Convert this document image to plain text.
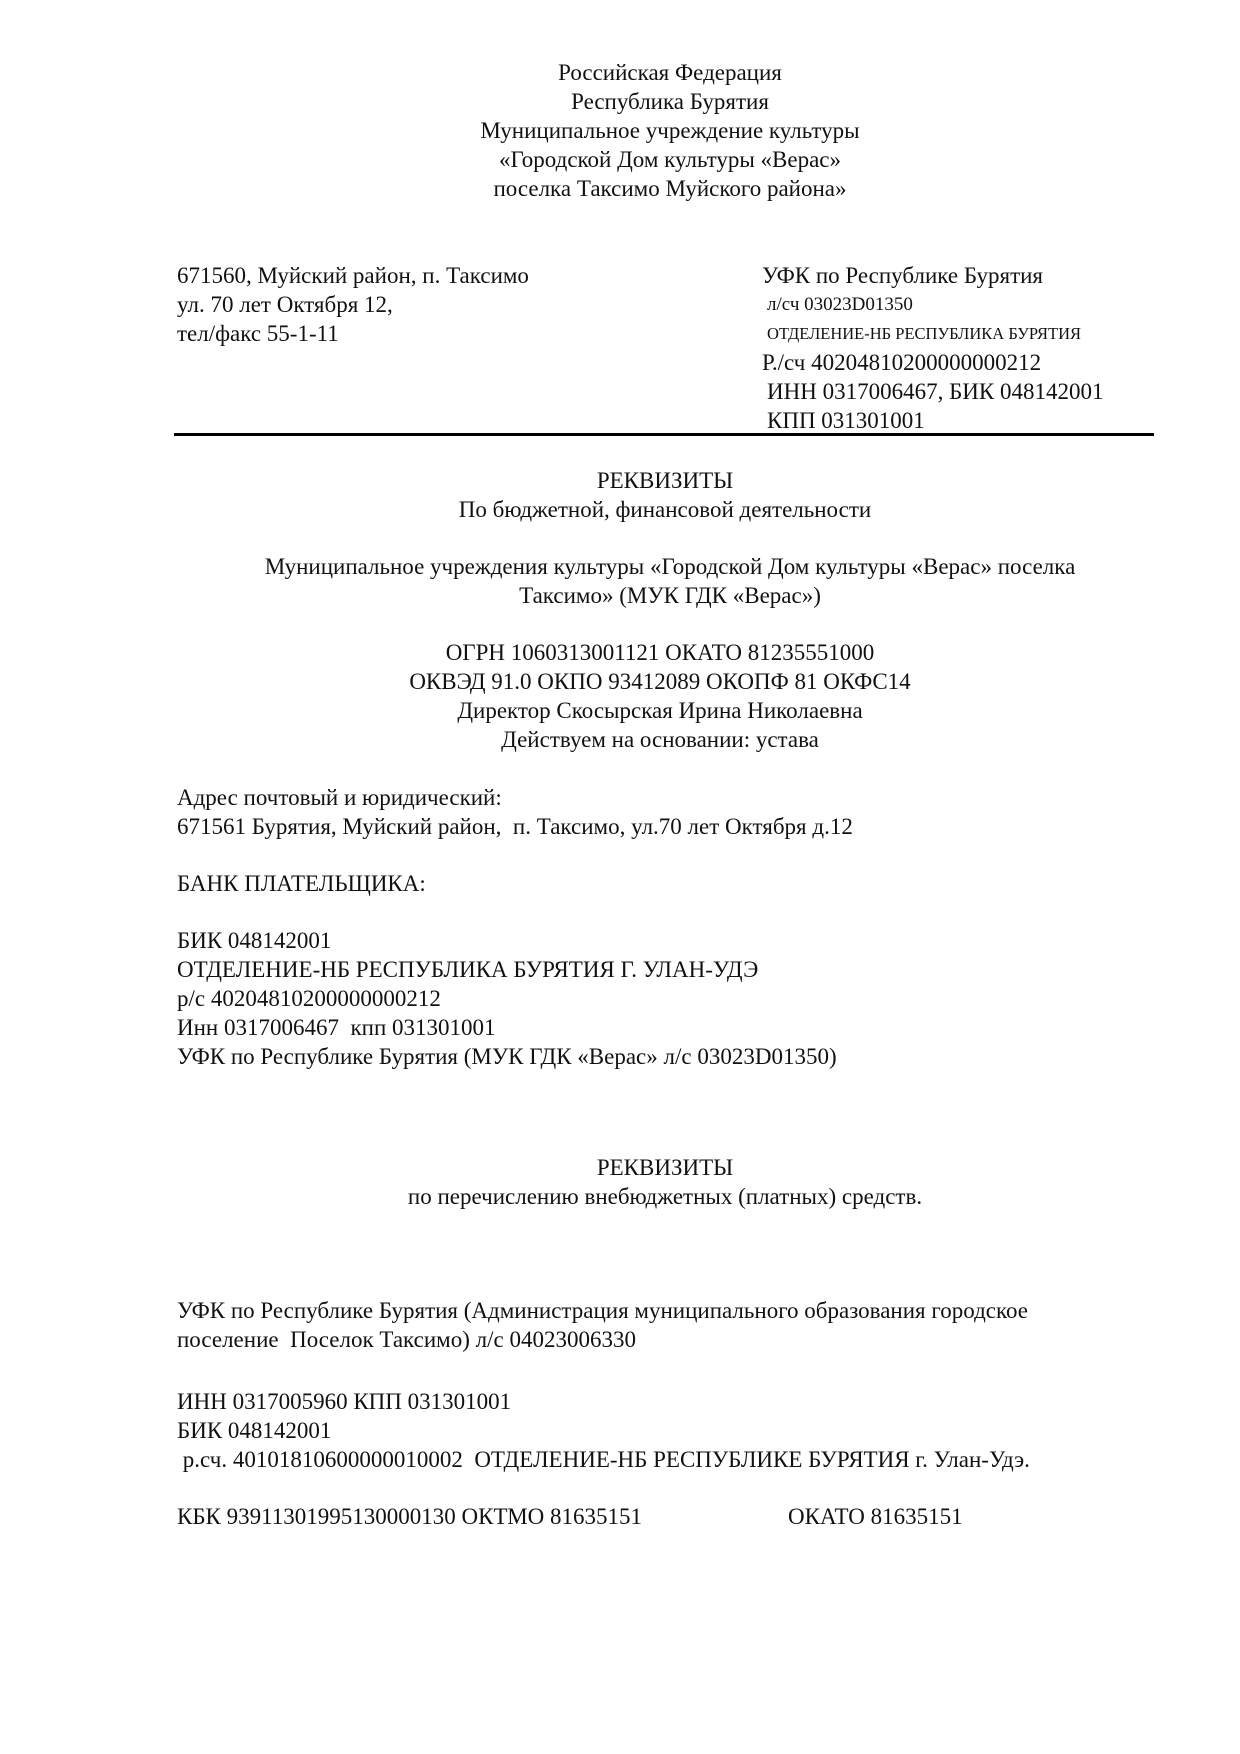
Российская Федерация
Республика Бурятия
Муниципальное учреждение культуры
«Городской Дом культуры «Верас»
поселка Таксимо Муйского района»
671560, Муйский район, п. Таксимо
ул. 70 лет Октября 12,
тел/факс 55-1-11
УФК по Республике Бурятия
л/сч 03023D01350
ОТДЕЛЕНИЕ-НБ РЕСПУБЛИКА БУРЯТИЯ
Р./сч 40204810200000000212
ИНН 0317006467, БИК 048142001
КПП 031301001
РЕКВИЗИТЫ
По бюджетной, финансовой деятельности
Муниципальное учреждения культуры «Городской Дом культуры «Верас» поселка
Таксимо» (МУК ГДК «Верас»)
ОГРН 1060313001121 ОКАТО 81235551000
ОКВЭД 91.0 ОКПО 93412089 ОКОПФ 81 ОКФС14
Директор Скосырская Ирина Николаевна
Действуем на основании: устава
Адрес почтовый и юридический:
671561 Бурятия, Муйский район,  п. Таксимо, ул.70 лет Октября д.12
БАНК ПЛАТЕЛЬЩИКА:
БИК 048142001
ОТДЕЛЕНИЕ-НБ РЕСПУБЛИКА БУРЯТИЯ Г. УЛАН-УДЭ
р/с 40204810200000000212
Инн 0317006467  кпп 031301001
УФК по Республике Бурятия (МУК ГДК «Верас» л/с 03023D01350)
РЕКВИЗИТЫ
по перечислению внебюджетных (платных) средств.
УФК по Республике Бурятия (Администрация муниципального образования городское
поселение  Поселок Таксимо) л/с 04023006330
ИНН 0317005960 КПП 031301001
БИК 048142001
р.сч. 40101810600000010002  ОТДЕЛЕНИЕ-НБ РЕСПУБЛИКЕ БУРЯТИЯ г. Улан-Удэ.
КБК 93911301995130000130 ОКТМО 81635151	ОКАТО 81635151
